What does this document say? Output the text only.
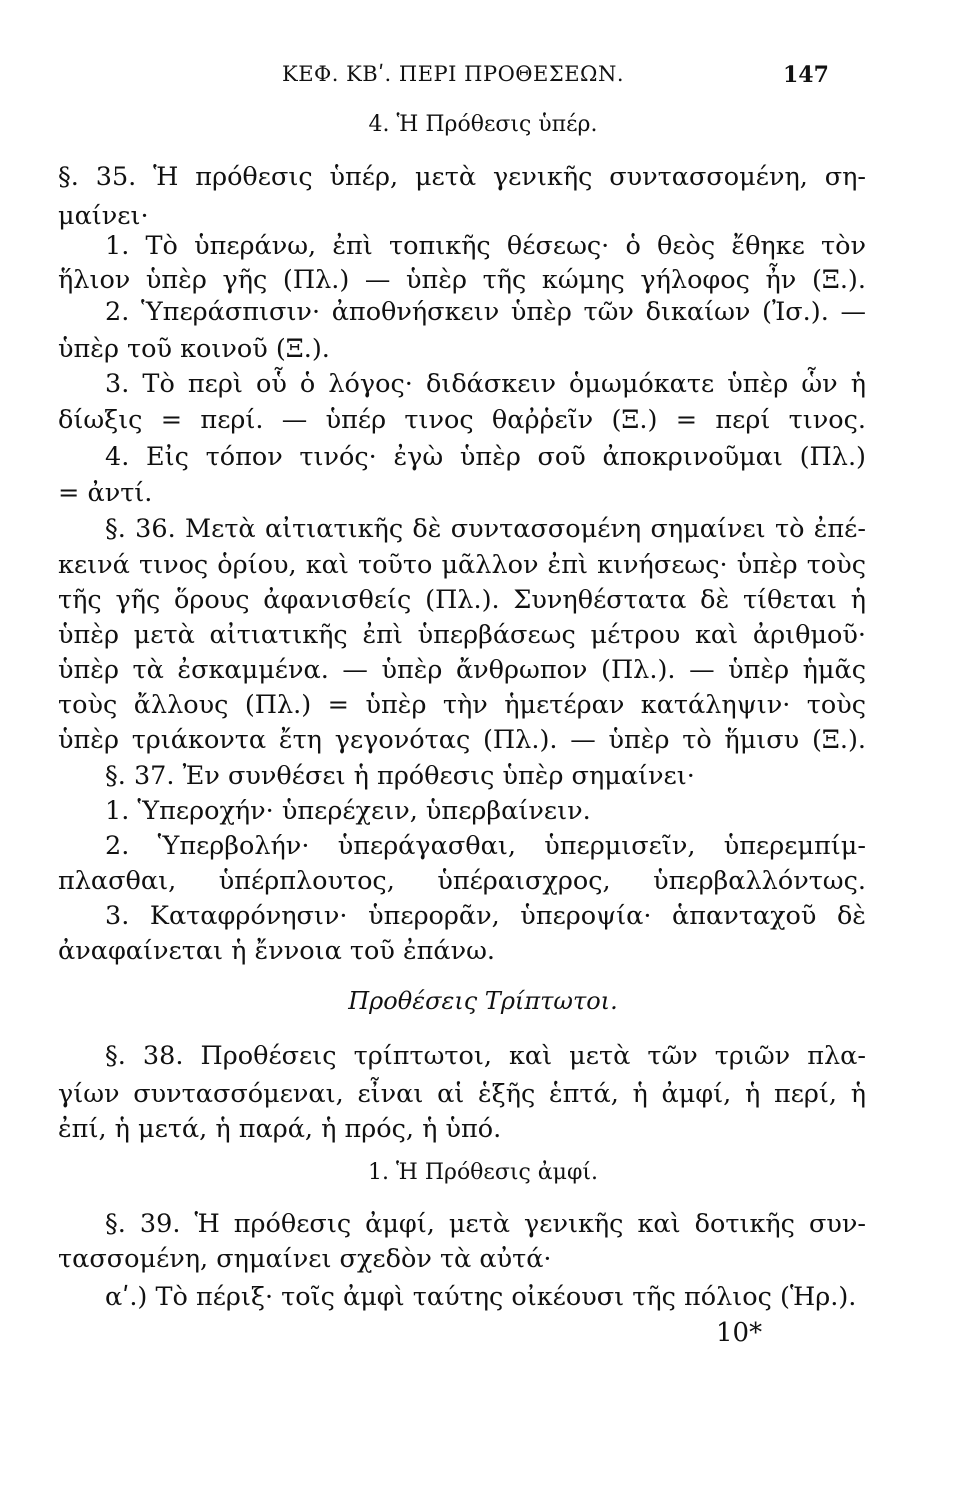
ΚΕΦ. ΚΒʹ. ΠΕΡΙ ΠΡΟΘΕΣΕΩΝ.	147
4. Ἡ Πρόθεσις ὑπέρ.
§. 35. Ἡ πρόθεσις ὑπέρ, μετὰ γενικῆς συντασσομένη, ση-
μαίνει·
1. Τὸ ὑπεράνω, ἐπὶ τοπικῆς θέσεως· ὁ θεὸς ἔθηκε τὸν
ἥλιον ὑπὲρ γῆς (Πλ.) — ὑπὲρ τῆς κώμης γήλοφος ἦν (Ξ.).
2. Ὑπεράσπισιν· ἀποθνήσκειν ὑπὲρ τῶν δικαίων (Ἰσ.). —
ὑπὲρ τοῦ κοινοῦ (Ξ.).
3. Τὸ περὶ οὗ ὁ λόγος· διδάσκειν ὁμωμόκατε ὑπὲρ ὧν ἡ
δίωξις = περί. — ὑπέρ τινος θαῤῥεῖν (Ξ.) = περί τινος.
4. Εἰς τόπον τινός· ἐγὼ ὑπὲρ σοῦ ἀποκρινοῦμαι (Πλ.)
= ἀντί.
§. 36. Μετὰ αἰτιατικῆς δὲ συντασσομένη σημαίνει τὸ ἐπέ-
κεινά τινος ὁρίου, καὶ τοῦτο μᾶλλον ἐπὶ κινήσεως· ὑπὲρ τοὺς
τῆς γῆς ὅρους ἀφανισθείς (Πλ.). Συνηθέστατα δὲ τίθεται ἡ
ὑπὲρ μετὰ αἰτιατικῆς ἐπὶ ὑπερβάσεως μέτρου καὶ ἀριθμοῦ·
ὑπὲρ τὰ ἐσκαμμένα. — ὑπὲρ ἄνθρωπον (Πλ.). — ὑπὲρ ἡμᾶς
τοὺς ἄλλους (Πλ.) = ὑπὲρ τὴν ἡμετέραν κατάληψιν· τοὺς
ὑπὲρ τριάκοντα ἔτη γεγονότας (Πλ.). — ὑπὲρ τὸ ἥμισυ (Ξ.).
§. 37. Ἐν συνθέσει ἡ πρόθεσις ὑπὲρ σημαίνει·
1. Ὑπεροχήν· ὑπερέχειν, ὑπερβαίνειν.
2. Ὑπερβολήν· ὑπεράγασθαι, ὑπερμισεῖν, ὑπερεμπίμ-
πλασθαι, ὑπέρπλουτος, ὑπέραισχρος, ὑπερβαλλόντως.
3. Καταφρόνησιν· ὑπερορᾶν, ὑπεροψία· ἁπανταχοῦ δὲ
ἀναφαίνεται ἡ ἔννοια τοῦ ἐπάνω.
Προθέσεις Τρίπτωτοι.
§. 38. Προθέσεις τρίπτωτοι, καὶ μετὰ τῶν τριῶν πλα-
γίων συντασσόμεναι, εἶναι αἱ ἑξῆς ἑπτά, ἡ ἀμφί, ἡ περί, ἡ
ἐπί, ἡ μετά, ἡ παρά, ἡ πρός, ἡ ὑπό.
1. Ἡ Πρόθεσις ἀμφί.
§. 39. Ἡ πρόθεσις ἀμφί, μετὰ γενικῆς καὶ δοτικῆς συν-
τασσομένη, σημαίνει σχεδὸν τὰ αὐτά·
αʹ.) Τὸ πέριξ· τοῖς ἀμφὶ ταύτης οἰκέουσι τῆς πόλιος (Ἡρ.).
10*
